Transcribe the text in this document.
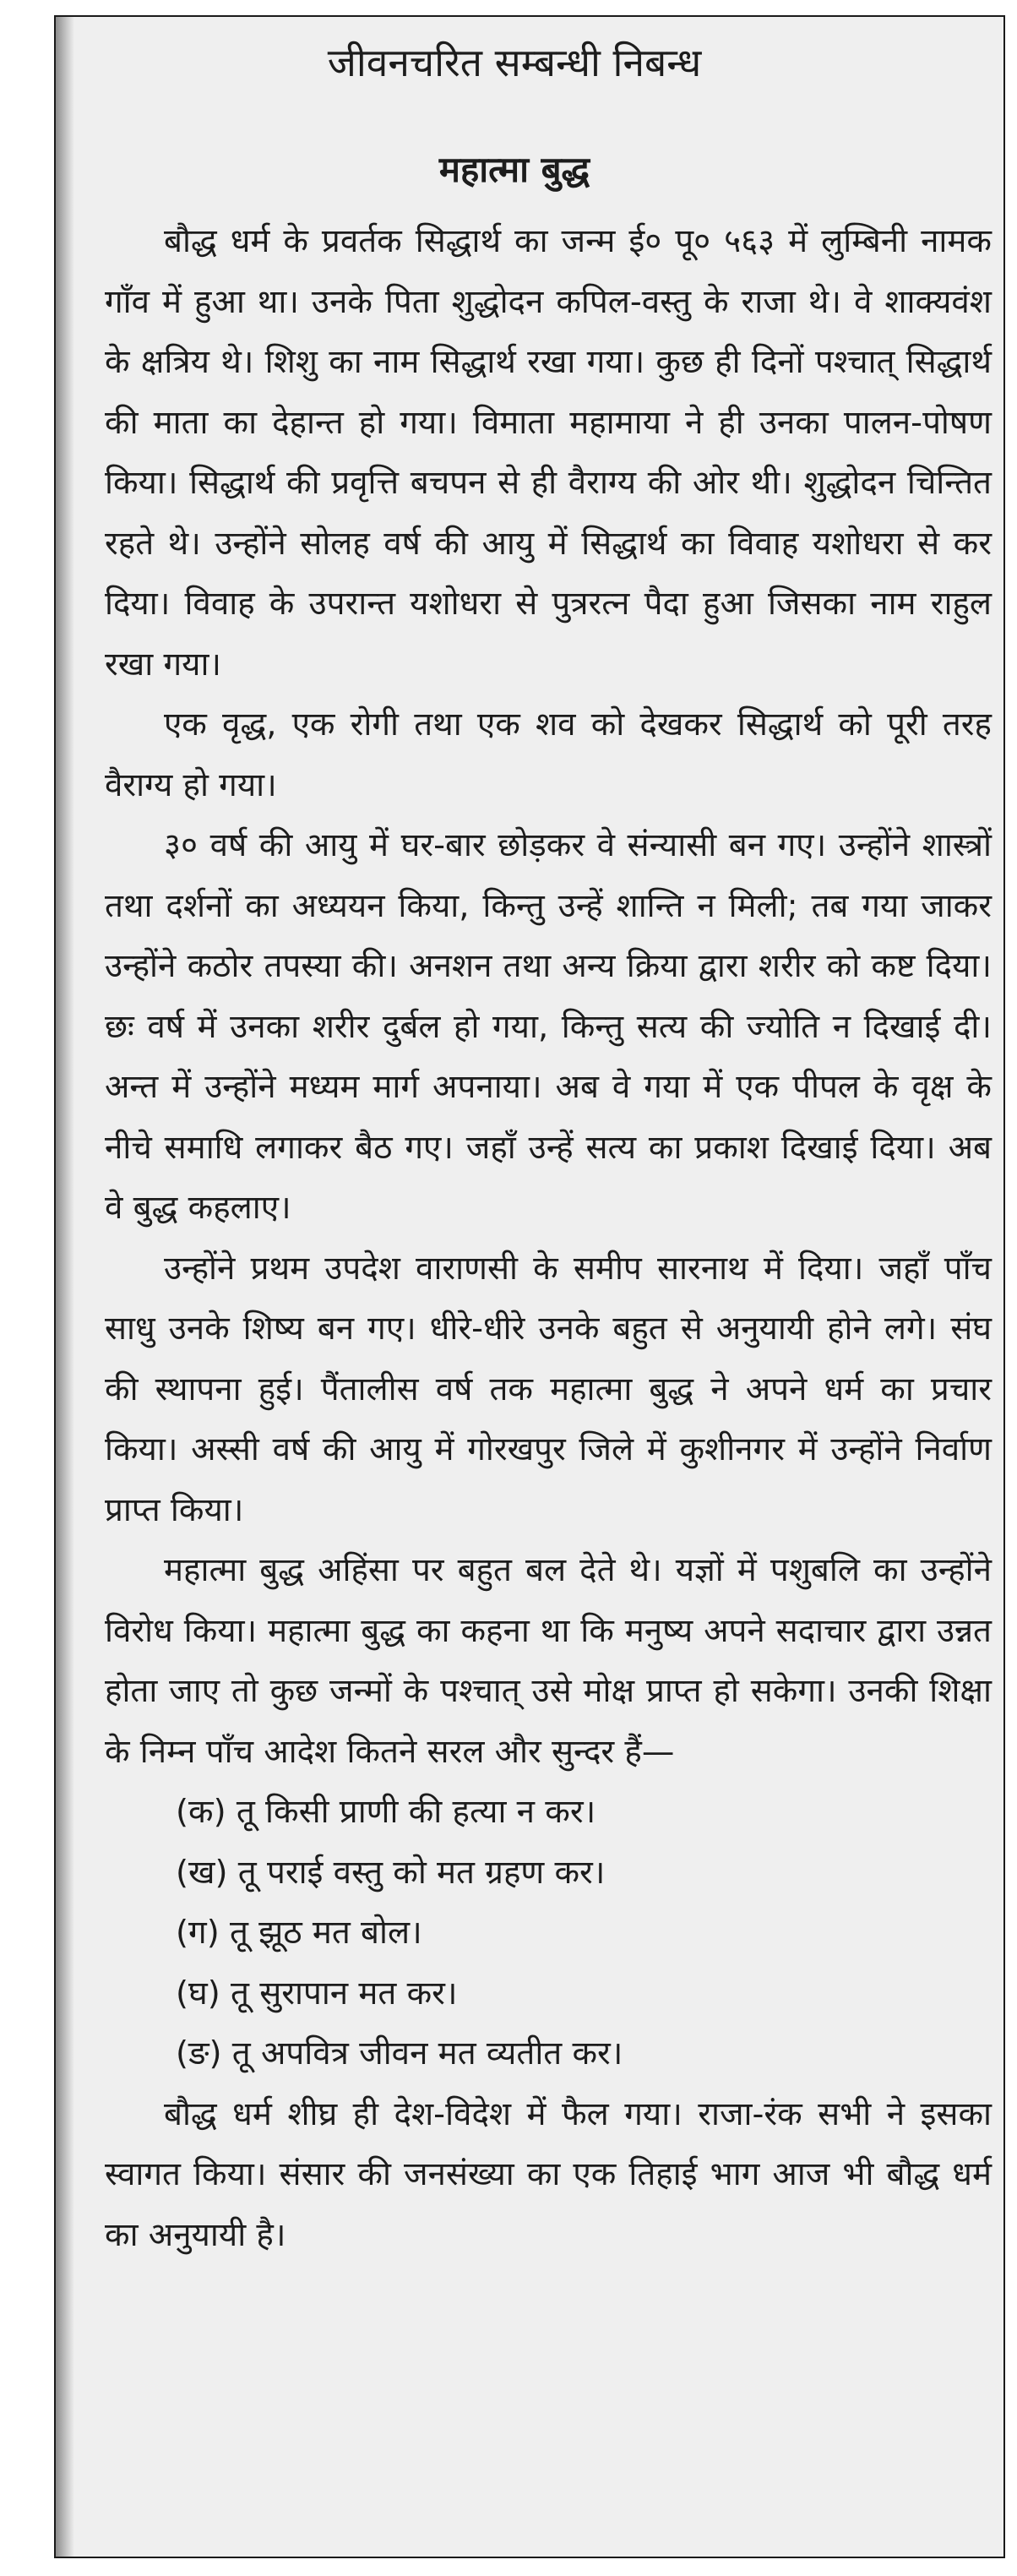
जीवनचरित सम्बन्धी निबन्ध
महात्मा बुद्ध

बौद्ध धर्म के प्रवर्तक सिद्धार्थ का जन्म ई० पू० ५६३ में लुम्बिनी नामक गाँव में हुआ था। उनके पिता शुद्धोदन कपिल-वस्तु के राजा थे। वे शाक्यवंश के क्षत्रिय थे। शिशु का नाम सिद्धार्थ रखा गया। कुछ ही दिनों पश्चात् सिद्धार्थ की माता का देहान्त हो गया। विमाता महामाया ने ही उनका पालन-पोषण किया। सिद्धार्थ की प्रवृत्ति बचपन से ही वैराग्य की ओर थी। शुद्धोदन चिन्तित रहते थे। उन्होंने सोलह वर्ष की आयु में सिद्धार्थ का विवाह यशोधरा से कर दिया। विवाह के उपरान्त यशोधरा से पुत्ररत्न पैदा हुआ जिसका नाम राहुल रखा गया।

एक वृद्ध, एक रोगी तथा एक शव को देखकर सिद्धार्थ को पूरी तरह वैराग्य हो गया।

३० वर्ष की आयु में घर-बार छोड़कर वे संन्यासी बन गए। उन्होंने शास्त्रों तथा दर्शनों का अध्ययन किया, किन्तु उन्हें शान्ति न मिली; तब गया जाकर उन्होंने कठोर तपस्या की। अनशन तथा अन्य क्रिया द्वारा शरीर को कष्ट दिया। छः वर्ष में उनका शरीर दुर्बल हो गया, किन्तु सत्य की ज्योति न दिखाई दी। अन्त में उन्होंने मध्यम मार्ग अपनाया। अब वे गया में एक पीपल के वृक्ष के नीचे समाधि लगाकर बैठ गए। जहाँ उन्हें सत्य का प्रकाश दिखाई दिया। अब वे बुद्ध कहलाए।

उन्होंने प्रथम उपदेश वाराणसी के समीप सारनाथ में दिया। जहाँ पाँच साधु उनके शिष्य बन गए। धीरे-धीरे उनके बहुत से अनुयायी होने लगे। संघ की स्थापना हुई। पैंतालीस वर्ष तक महात्मा बुद्ध ने अपने धर्म का प्रचार किया। अस्सी वर्ष की आयु में गोरखपुर जिले में कुशीनगर में उन्होंने निर्वाण प्राप्त किया।

महात्मा बुद्ध अहिंसा पर बहुत बल देते थे। यज्ञों में पशुबलि का उन्होंने विरोध किया। महात्मा बुद्ध का कहना था कि मनुष्य अपने सदाचार द्वारा उन्नत होता जाए तो कुछ जन्मों के पश्चात् उसे मोक्ष प्राप्त हो सकेगा। उनकी शिक्षा के निम्न पाँच आदेश कितने सरल और सुन्दर हैं—

(क) तू किसी प्राणी की हत्या न कर।
(ख) तू पराई वस्तु को मत ग्रहण कर।
(ग) तू झूठ मत बोल।
(घ) तू सुरापान मत कर।
(ङ) तू अपवित्र जीवन मत व्यतीत कर।

बौद्ध धर्म शीघ्र ही देश-विदेश में फैल गया। राजा-रंक सभी ने इसका स्वागत किया। संसार की जनसंख्या का एक तिहाई भाग आज भी बौद्ध धर्म का अनुयायी है।
